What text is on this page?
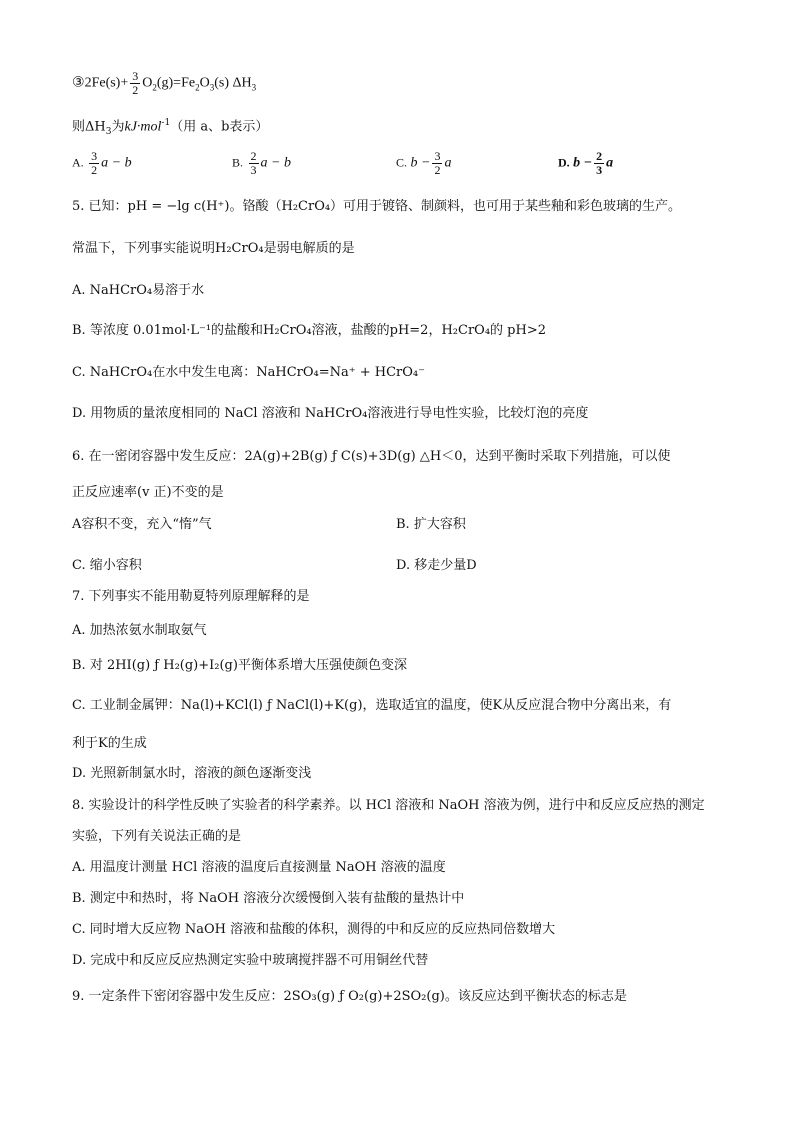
③2Fe(s)+ $\frac{3}{2} O_2(g)=Fe_2O_3(s)$ $\Delta H_3$
则$\Delta H_3$为kJ·mol$^{-1}$（用 a、b表示）
A. $\frac{3}{2}$ a − b	B. $\frac{2}{3}$ a − b	C. $b - \frac{3}{2}$ a	D. $b - \frac{2}{3}$ a
5. 已知：pH = −lg c(H⁺)。铬酸（H₂CrO₄）可用于镀铬、制颜料，也可用于某些釉和彩色玻璃的生产。
常温下，下列事实能说明H₂CrO₄是弱电解质的是
A. NaHCrO₄易溶于水
B. 等浓度 0.01mol·L⁻¹的盐酸和H₂CrO₄溶液，盐酸的pH=2，H₂CrO₄的 pH>2
C. NaHCrO₄在水中发生电离：NaHCrO₄=Na⁺ + HCrO₄⁻
D. 用物质的量浓度相同的 NaCl 溶液和 NaHCrO₄溶液进行导电性实验，比较灯泡的亮度
6. 在一密闭容器中发生反应：2A(g)+2B(g) ƒ C(s)+3D(g) △H＜0，达到平衡时采取下列措施，可以使
正反应速率(v 正)不变的是
A容积不变，充入“惰”气	B. 扩大容积
C. 缩小容积	D. 移走少量D
7. 下列事实不能用勒夏特列原理解释的是
A. 加热浓氨水制取氨气
B. 对 2HI(g) ƒ H₂(g)+I₂(g)平衡体系增大压强使颜色变深
C. 工业制金属钾：Na(l)+KCl(l) ƒ NaCl(l)+K(g)，选取适宜的温度，使K从反应混合物中分离出来，有
利于K的生成
D. 光照新制氯水时，溶液的颜色逐渐变浅
8. 实验设计的科学性反映了实验者的科学素养。以 HCl 溶液和 NaOH 溶液为例，进行中和反应反应热的测定
实验，下列有关说法正确的是
A. 用温度计测量 HCl 溶液的温度后直接测量 NaOH 溶液的温度
B. 测定中和热时，将 NaOH 溶液分次缓慢倒入装有盐酸的量热计中
C. 同时增大反应物 NaOH 溶液和盐酸的体积，测得的中和反应的反应热同倍数增大
D. 完成中和反应反应热测定实验中玻璃搅拌器不可用铜丝代替
9. 一定条件下密闭容器中发生反应：2SO₃(g) ƒ O₂(g)+2SO₂(g)。该反应达到平衡状态的标志是
